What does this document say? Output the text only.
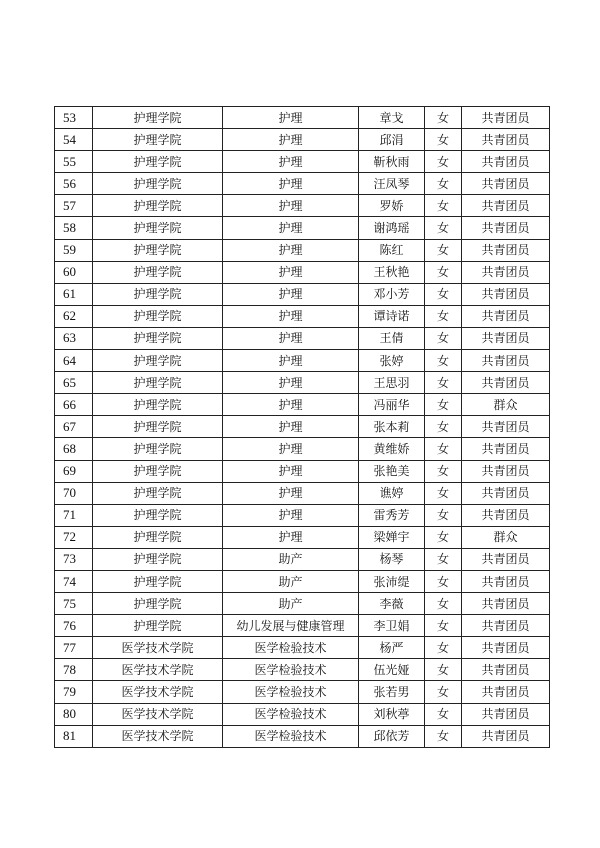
53	护理学院	护理	章戈	女	共青团员
54	护理学院	护理	邱涓	女	共青团员
55	护理学院	护理	靳秋雨	女	共青团员
56	护理学院	护理	汪凤琴	女	共青团员
57	护理学院	护理	罗娇	女	共青团员
58	护理学院	护理	谢鸿瑶	女	共青团员
59	护理学院	护理	陈红	女	共青团员
60	护理学院	护理	王秋艳	女	共青团员
61	护理学院	护理	邓小芳	女	共青团员
62	护理学院	护理	谭诗诺	女	共青团员
63	护理学院	护理	王倩	女	共青团员
64	护理学院	护理	张婷	女	共青团员
65	护理学院	护理	王思羽	女	共青团员
66	护理学院	护理	冯丽华	女	群众
67	护理学院	护理	张本莉	女	共青团员
68	护理学院	护理	黄维娇	女	共青团员
69	护理学院	护理	张艳美	女	共青团员
70	护理学院	护理	谯婷	女	共青团员
71	护理学院	护理	雷秀芳	女	共青团员
72	护理学院	护理	梁婵宇	女	群众
73	护理学院	助产	杨琴	女	共青团员
74	护理学院	助产	张沛缇	女	共青团员
75	护理学院	助产	李薇	女	共青团员
76	护理学院	幼儿发展与健康管理	李卫娟	女	共青团员
77	医学技术学院	医学检验技术	杨严	女	共青团员
78	医学技术学院	医学检验技术	伍光娅	女	共青团员
79	医学技术学院	医学检验技术	张若男	女	共青团员
80	医学技术学院	医学检验技术	刘秋葶	女	共青团员
81	医学技术学院	医学检验技术	邱依芳	女	共青团员
